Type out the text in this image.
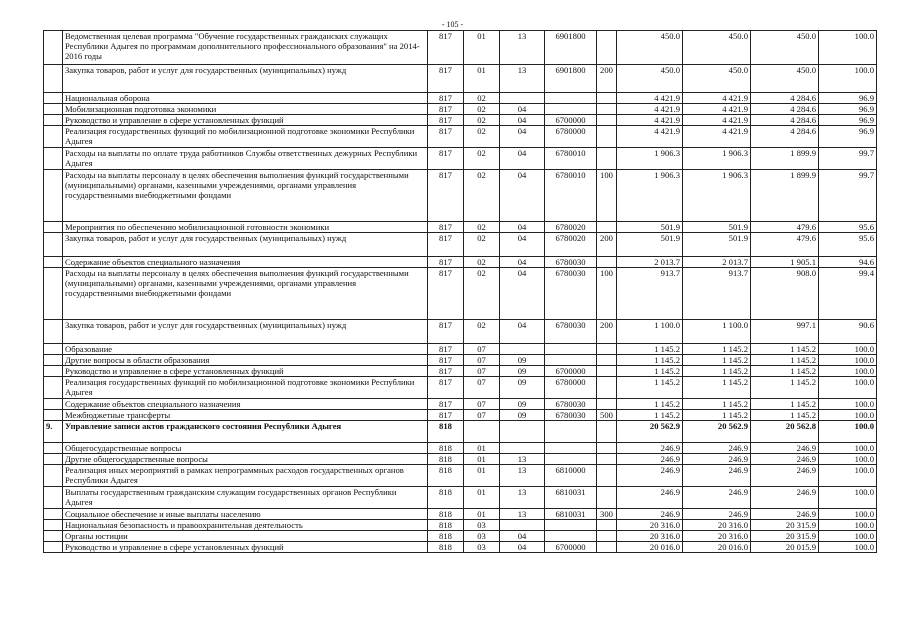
- 105 -
	Ведомственная целевая программа "Обучение государственных гражданских служащих Республики Адыгея по программам дополнительного профессионального образования" на 2014-2016 годы	817	01	13	6901800		450.0	450.0	450.0	100.0
	Закупка товаров, работ и услуг для государственных (муниципальных) нужд	817	01	13	6901800	200	450.0	450.0	450.0	100.0
	Национальная оборона	817	02				4 421.9	4 421.9	4 284.6	96.9
	Мобилизационная подготовка экономики	817	02	04			4 421.9	4 421.9	4 284.6	96.9
	Руководство и управление в сфере установленных функций	817	02	04	6700000		4 421.9	4 421.9	4 284.6	96.9
	Реализация государственных функций по мобилизационной подготовке экономики Республики Адыгея	817	02	04	6780000		4 421.9	4 421.9	4 284.6	96.9
	Расходы на выплаты по оплате труда работников Службы ответственных дежурных Республики Адыгея	817	02	04	6780010		1 906.3	1 906.3	1 899.9	99.7
	Расходы на выплаты персоналу в целях обеспечения выполнения функций государственными (муниципальными) органами, казенными учреждениями, органами управления государственными внебюджетными фондами	817	02	04	6780010	100	1 906.3	1 906.3	1 899.9	99.7
	Мероприятия по обеспечению мобилизационной готовности экономики	817	02	04	6780020		501.9	501.9	479.6	95.6
	Закупка товаров, работ и услуг для государственных (муниципальных) нужд	817	02	04	6780020	200	501.9	501.9	479.6	95.6
	Содержание объектов специального назначения	817	02	04	6780030		2 013.7	2 013.7	1 905.1	94.6
	Расходы на выплаты персоналу в целях обеспечения выполнения функций государственными (муниципальными) органами, казенными учреждениями, органами управления государственными внебюджетными фондами	817	02	04	6780030	100	913.7	913.7	908.0	99.4
	Закупка товаров, работ и услуг для государственных (муниципальных) нужд	817	02	04	6780030	200	1 100.0	1 100.0	997.1	90.6
	Образование	817	07				1 145.2	1 145.2	1 145.2	100.0
	Другие вопросы в области образования	817	07	09			1 145.2	1 145.2	1 145.2	100.0
	Руководство и управление в сфере установленных функций	817	07	09	6700000		1 145.2	1 145.2	1 145.2	100.0
	Реализация государственных функций по мобилизационной подготовке экономики Республики Адыгея	817	07	09	6780000		1 145.2	1 145.2	1 145.2	100.0
	Содержание объектов специального назначения	817	07	09	6780030		1 145.2	1 145.2	1 145.2	100.0
	Межбюджетные трансферты	817	07	09	6780030	500	1 145.2	1 145.2	1 145.2	100.0
9.	Управление записи актов гражданского состояния Республики Адыгея	818					20 562.9	20 562.9	20 562.8	100.0
	Общегосударственные вопросы	818	01				246.9	246.9	246.9	100.0
	Другие общегосударственные вопросы	818	01	13			246.9	246.9	246.9	100.0
	Реализация иных мероприятий в рамках непрограммных расходов государственных органов Республики Адыгея	818	01	13	6810000		246.9	246.9	246.9	100.0
	Выплаты государственным гражданским служащим государственных органов Республики Адыгея	818	01	13	6810031		246.9	246.9	246.9	100.0
	Социальное обеспечение и иные выплаты населению	818	01	13	6810031	300	246.9	246.9	246.9	100.0
	Национальная безопасность и правоохранительная деятельность	818	03				20 316.0	20 316.0	20 315.9	100.0
	Органы юстиции	818	03	04			20 316.0	20 316.0	20 315.9	100.0
	Руководство и управление в сфере установленных функций	818	03	04	6700000		20 016.0	20 016.0	20 015.9	100.0
